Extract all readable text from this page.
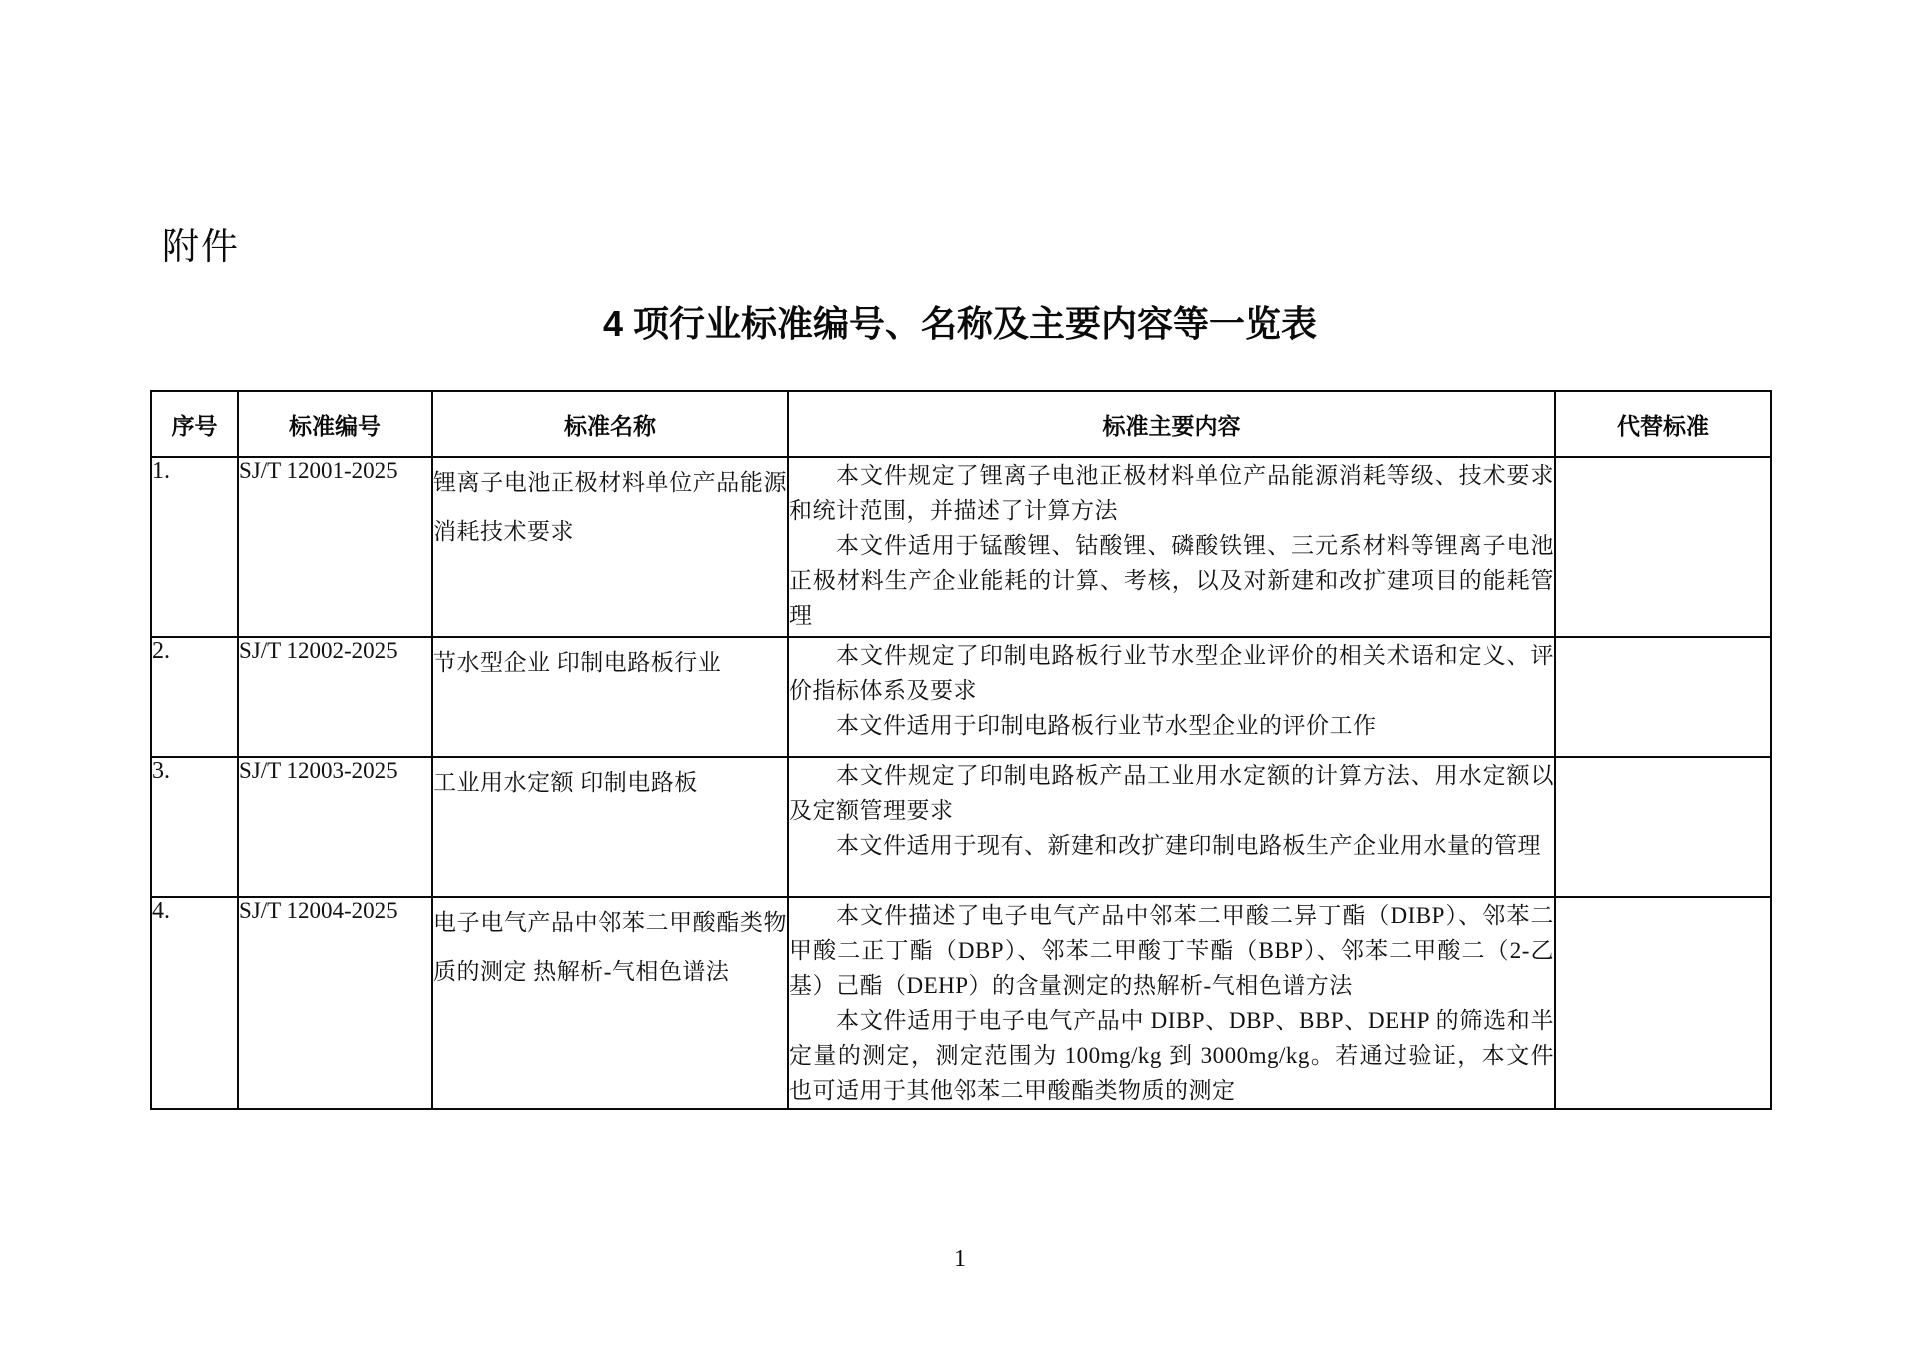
附件
4 项行业标准编号、名称及主要内容等一览表
序号	标准编号	标准名称	标准主要内容	代替标准
1.	SJ/T 12001-2025	锂离子电池正极材料单位产品能源消耗技术要求	本文件规定了锂离子电池正极材料单位产品能源消耗等级、技术要求和统计范围，并描述了计算方法

本文件适用于锰酸锂、钴酸锂、磷酸铁锂、三元系材料等锂离子电池正极材料生产企业能耗的计算、考核，以及对新建和改扩建项目的能耗管理	

2.	SJ/T 12002-2025	节水型企业 印制电路板行业	本文件规定了印制电路板行业节水型企业评价的相关术语和定义、评价指标体系及要求

本文件适用于印制电路板行业节水型企业的评价工作	

3.	SJ/T 12003-2025	工业用水定额 印制电路板	本文件规定了印制电路板产品工业用水定额的计算方法、用水定额以及定额管理要求

本文件适用于现有、新建和改扩建印制电路板生产企业用水量的管理	

4.	SJ/T 12004-2025	电子电气产品中邻苯二甲酸酯类物质的测定 热解析-气相色谱法	本文件描述了电子电气产品中邻苯二甲酸二异丁酯（DIBP）、邻苯二甲酸二正丁酯（DBP）、邻苯二甲酸丁苄酯（BBP）、邻苯二甲酸二（2-乙基）己酯（DEHP）的含量测定的热解析-气相色谱方法

本文件适用于电子电气产品中 DIBP、DBP、BBP、DEHP 的筛选和半定量的测定，测定范围为 100mg/kg 到 3000mg/kg。若通过验证，本文件也可适用于其他邻苯二甲酸酯类物质的测定	

1
